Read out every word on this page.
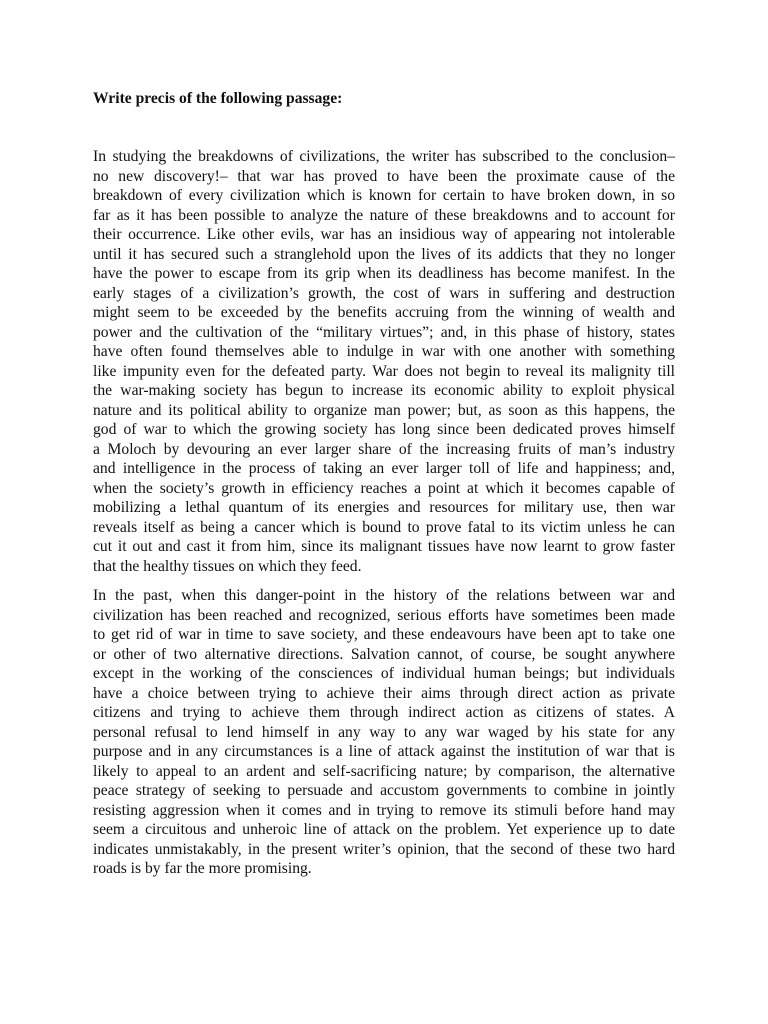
Write precis of the following passage:

In studying the breakdowns of civilizations, the writer has subscribed to the conclusion–
no new discovery!– that war has proved to have been the proximate cause of the
breakdown of every civilization which is known for certain to have broken down, in so
far as it has been possible to analyze the nature of these breakdowns and to account for
their occurrence. Like other evils, war has an insidious way of appearing not intolerable
until it has secured such a stranglehold upon the lives of its addicts that they no longer
have the power to escape from its grip when its deadliness has become manifest. In the
early stages of a civilization’s growth, the cost of wars in suffering and destruction
might seem to be exceeded by the benefits accruing from the winning of wealth and
power and the cultivation of the “military virtues”; and, in this phase of history, states
have often found themselves able to indulge in war with one another with something
like impunity even for the defeated party. War does not begin to reveal its malignity till
the war-making society has begun to increase its economic ability to exploit physical
nature and its political ability to organize man power; but, as soon as this happens, the
god of war to which the growing society has long since been dedicated proves himself
a Moloch by devouring an ever larger share of the increasing fruits of man’s industry
and intelligence in the process of taking an ever larger toll of life and happiness; and,
when the society’s growth in efficiency reaches a point at which it becomes capable of
mobilizing a lethal quantum of its energies and resources for military use, then war
reveals itself as being a cancer which is bound to prove fatal to its victim unless he can
cut it out and cast it from him, since its malignant tissues have now learnt to grow faster
that the healthy tissues on which they feed.

In the past, when this danger-point in the history of the relations between war and
civilization has been reached and recognized, serious efforts have sometimes been made
to get rid of war in time to save society, and these endeavours have been apt to take one
or other of two alternative directions. Salvation cannot, of course, be sought anywhere
except in the working of the consciences of individual human beings; but individuals
have a choice between trying to achieve their aims through direct action as private
citizens and trying to achieve them through indirect action as citizens of states. A
personal refusal to lend himself in any way to any war waged by his state for any
purpose and in any circumstances is a line of attack against the institution of war that is
likely to appeal to an ardent and self-sacrificing nature; by comparison, the alternative
peace strategy of seeking to persuade and accustom governments to combine in jointly
resisting aggression when it comes and in trying to remove its stimuli before hand may
seem a circuitous and unheroic line of attack on the problem. Yet experience up to date
indicates unmistakably, in the present writer’s opinion, that the second of these two hard
roads is by far the more promising.
